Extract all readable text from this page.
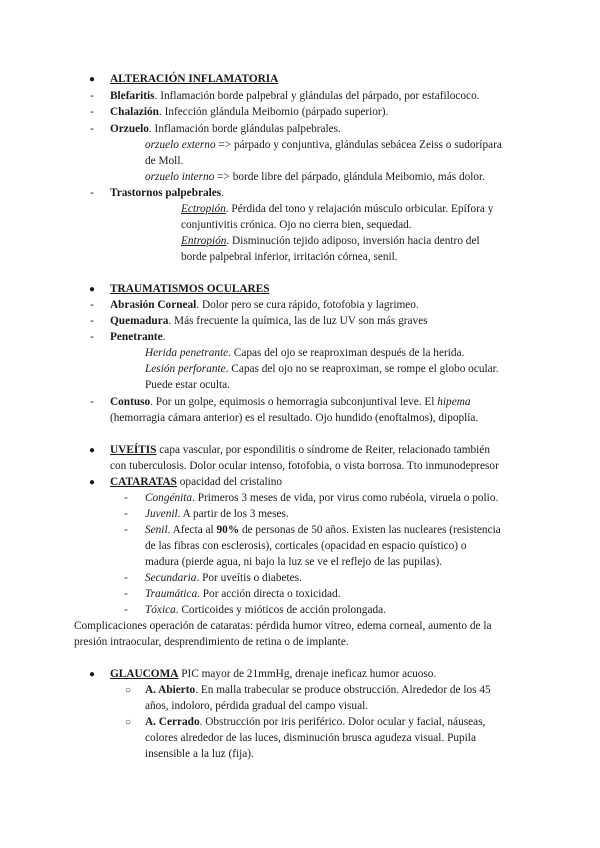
● ALTERACIÓN INFLAMATORIA
- Blefaritis. Inflamación borde palpebral y glándulas del párpado, por estafilococo.
- Chalazión. Infección glándula Meibomio (párpado superior).
- Orzuelo. Inflamación borde glándulas palpebrales.
orzuelo externo => párpado y conjuntiva, glándulas sebácea Zeiss o sudorípara
de Moll.
orzuelo interno => borde libre del párpado, glándula Meibomio, más dolor.
- Trastornos palpebrales.
Ectropión. Pérdida del tono y relajación músculo orbicular. Epífora y
conjuntivitis crónica. Ojo no cierra bien, sequedad.
Entropión. Disminución tejido adiposo, inversión hacia dentro del
borde palpebral inferior, irritación córnea, senil.
● TRAUMATISMOS OCULARES
- Abrasión Corneal. Dolor pero se cura rápido, fotofobia y lagrimeo.
- Quemadura. Más frecuente la química, las de luz UV son más graves
- Penetrante.
Herida penetrante. Capas del ojo se reaproximan después de la herida.
Lesión perforante. Capas del ojo no se reaproximan, se rompe el globo ocular.
Puede estar oculta.
- Contuso. Por un golpe, equimosis o hemorragia subconjuntival leve. El hipema
(hemorragia cámara anterior) es el resultado. Ojo hundido (enoftalmos), dipoplía.
● UVEÍTIS capa vascular, por espondilitis o síndrome de Reiter, relacionado también
con tuberculosis. Dolor ocular intenso, fotofobia, o vista borrosa. Tto inmunodepresor
● CATARATAS opacidad del cristalino
- Congénita. Primeros 3 meses de vida, por virus como rubéola, viruela o polio.
- Juvenil. A partir de los 3 meses.
- Senil. Afecta al 90% de personas de 50 años. Existen las nucleares (resistencia
de las fibras con esclerosis), corticales (opacidad en espacio quístico) o
madura (pierde agua, ni bajo la luz se ve el reflejo de las pupilas).
- Secundaria. Por uveítis o diabetes.
- Traumática. Por acción directa o toxicidad.
- Tóxica. Corticoides y mióticos de acción prolongada.
Complicaciones operación de cataratas: pérdida humor vítreo, edema corneal, aumento de la
presión intraocular, desprendimiento de retina o de implante.
● GLAUCOMA PIC mayor de 21mmHg, drenaje ineficaz humor acuoso.
○ A. Abierto. En malla trabecular se produce obstrucción. Alrededor de los 45
años, indoloro, pérdida gradual del campo visual.
○ A. Cerrado. Obstrucción por iris periférico. Dolor ocular y facial, náuseas,
colores alrededor de las luces, disminución brusca agudeza visual. Pupila
insensible a la luz (fija).
